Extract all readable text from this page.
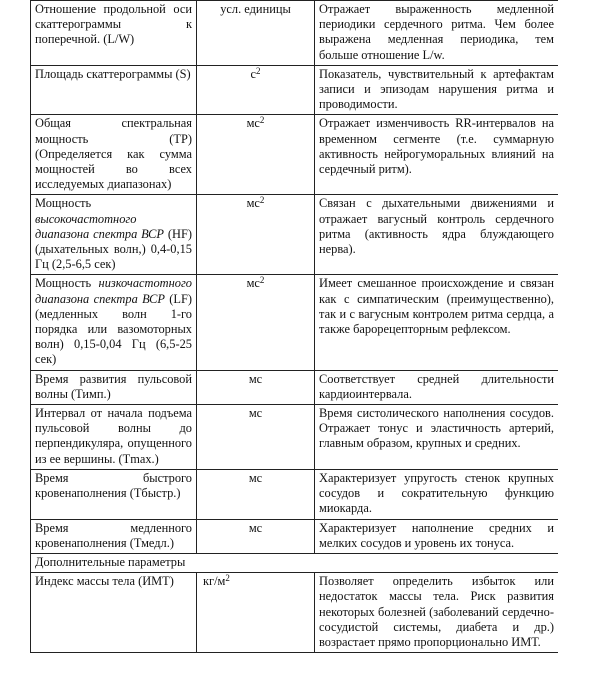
Отношение продольной оси скаттерограммы к поперечной. (L/W)	усл. единицы	Отражает выраженность медленной периодики сердечного ритма. Чем более выражена медленная периодика, тем больше отношение L/w.
Площадь скаттерограммы (S)	$с^2$	Показатель, чувствительный к артефактам записи и эпизодам нарушения ритма и проводимости.
Общая спектральная мощность (ТР) (Определяется как сумма мощностей во всех исследуемых диапазонах)	$мс^2$	Отражает изменчивость RR-интервалов на временном сегменте (т.е. суммарную активность нейрогуморальных влияний на сердечный ритм).
Мощность высокочастотного диапазона спектра ВСР (HF) (дыхательных волн,) 0,4-0,15 Гц (2,5-6,5 сек)	$мс^2$	Связан с дыхательными движениями и отражает вагусный контроль сердечного ритма (активность ядра блуждающего нерва).
Мощность низкочастотного диапазона спектра ВСР (LF) (медленных волн 1-го порядка или вазомоторных волн) 0,15-0,04 Гц (6,5-25 сек)	$мс^2$	Имеет смешанное происхождение и связан как с симпатическим (преимущественно), так и с вагусным контролем ритма сердца, а также барорецепторным рефлексом.
Время развития пульсовой волны (Тимп.)	мс	Соответствует средней длительности кардиоинтервала.
Интервал от начала подъема пульсовой волны до перпендикуляра, опущенного из ее вершины. (Tmax.)	мс	Время систолического наполнения сосудов. Отражает тонус и эластичность артерий, главным образом, крупных и средних.
Время быстрого кровенаполнения (Тбыстр.)	мс	Характеризует упругость стенок крупных сосудов и сократительную функцию миокарда.
Время медленного кровенаполнения (Тмедл.)	мс	Характеризует наполнение средних и мелких сосудов и уровень их тонуса.
Дополнительные параметры		
Индекс массы тела (ИМТ)	$кг/м^2$	Позволяет определить избыток или недостаток массы тела. Риск развития некоторых болезней (заболеваний сердечно-сосудистой системы, диабета и др.) возрастает прямо пропорционально ИМТ.
